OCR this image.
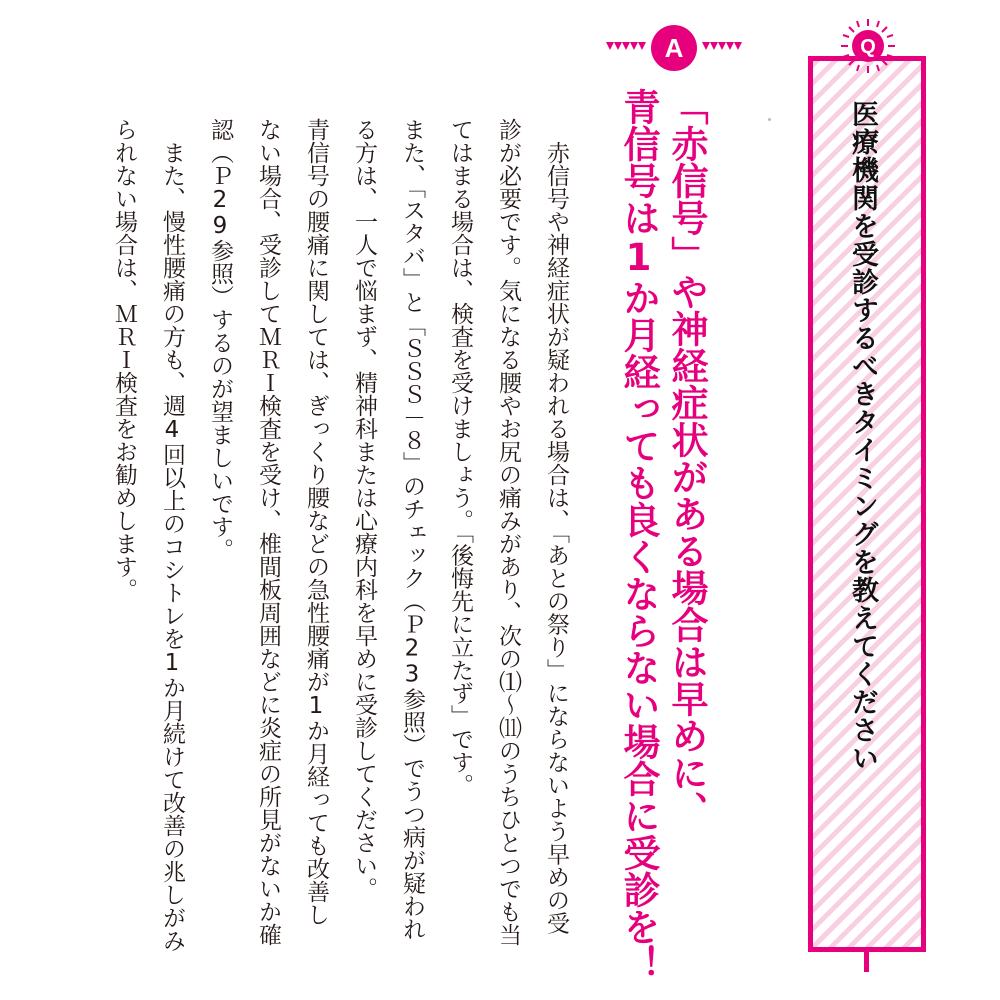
Q
医療機関を受診するべきタイミングを教えてください
A
「赤信号」や神経症状がある場合は早めに、
青信号は1か月経っても良くならない場合に受診を！
　赤信号や神経症状が疑われる場合は、「あとの祭り」にならないよう早めの受
診が必要です。気になる腰やお尻の痛みがあり、次の⑴〜⑾のうちひとつでも当
てはまる場合は、検査を受けましょう。「後悔先に立たず」です。
また、「スタバ」と「ＳＳＳ－８」のチェック（Ｐ23参照）でうつ病が疑われ
る方は、一人で悩まず、精神科または心療内科を早めに受診してください。
青信号の腰痛に関しては、ぎっくり腰などの急性腰痛が1か月経っても改善し
ない場合、受診してＭＲＩ検査を受け、椎間板周囲などに炎症の所見がないか確
認（Ｐ29参照）するのが望ましいです。
　また、慢性腰痛の方も、週4回以上のコシトレを1か月続けて改善の兆しがみ
られない場合は、ＭＲＩ検査をお勧めします。
